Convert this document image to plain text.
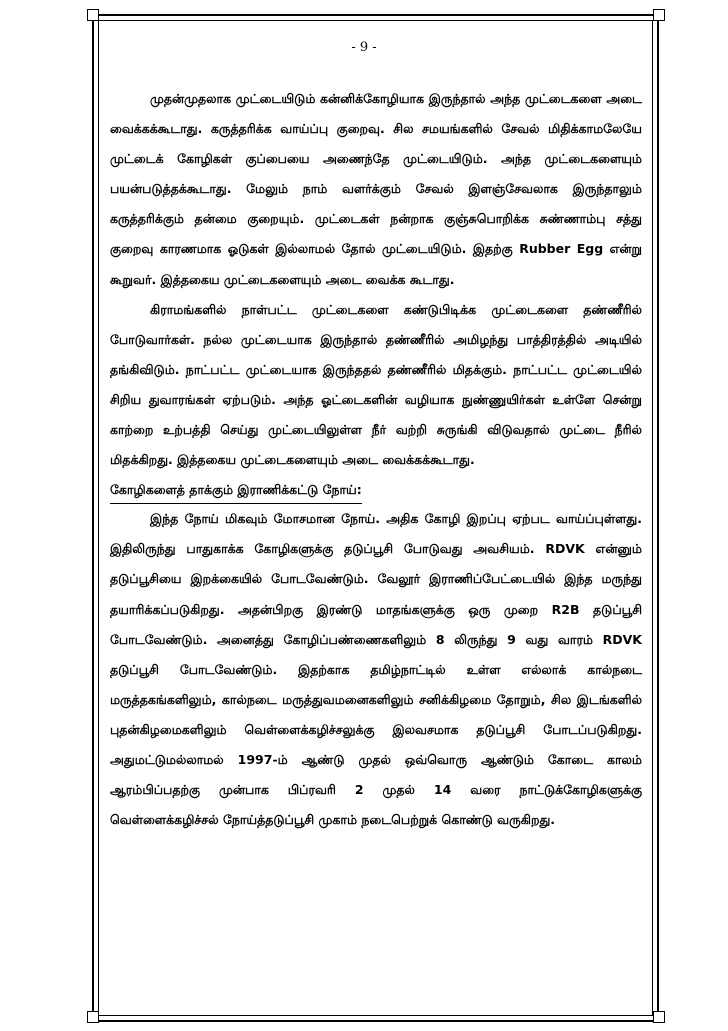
- 9 -

முதன்முதலாக முட்டையிடும் கன்னிக்கோழியாக இருந்தால் அந்த முட்டைகளை அடை வைக்கக்கூடாது. கருத்தரிக்க வாய்ப்பு குறைவு. சில சமயங்களில் சேவல் மிதிக்காமலேயே முட்டைக் கோழிகள் குப்பையை அணைந்தே முட்டையிடும். அந்த முட்டைகளையும் பயன்படுத்தக்கூடாது. மேலும் நாம் வளர்க்கும் சேவல் இளஞ்சேவலாக இருந்தாலும் கருத்தரிக்கும் தன்மை குறையும். முட்டைகள் நன்றாக குஞ்சுபொறிக்க சுண்ணாம்பு சத்து குறைவு காரணமாக ஓடுகள் இல்லாமல் தோல் முட்டையிடும். இதற்கு Rubber Egg என்று கூறுவர். இத்தகைய முட்டைகளையும் அடை வைக்க கூடாது.

கிராமங்களில் நாள்பட்ட முட்டைகளை கண்டுபிடிக்க முட்டைகளை தண்ணீரில் போடுவார்கள். நல்ல முட்டையாக இருந்தால் தண்ணீரில் அமிழந்து பாத்திரத்தில் அடியில் தங்கிவிடும். நாட்பட்ட முட்டையாக இருந்ததல் தண்ணீரில் மிதக்கும். நாட்பட்ட முட்டையில் சிறிய துவாரங்கள் ஏற்படும். அந்த ஓட்டைகளின் வழியாக நுண்ணுயிர்கள் உள்ளே சென்று காற்றை உற்பத்தி செய்து முட்டையிலுள்ள நீர் வற்றி சுருங்கி விடுவதால் முட்டை நீரில் மிதக்கிறது. இத்தகைய முட்டைகளையும் அடை வைக்கக்கூடாது.

கோழிகளைத் தாக்கும் இராணிக்கட்டு நோய்:

இந்த நோய் மிகவும் மோசமான நோய். அதிக கோழி இறப்பு ஏற்பட வாய்ப்புள்ளது. இதிலிருந்து பாதுகாக்க கோழிகளுக்கு தடுப்பூசி போடுவது அவசியம். RDVK என்னும் தடுப்பூசியை இறக்கையில் போடவேண்டும். வேலூர் இராணிப்பேட்டையில் இந்த மருந்து தயாரிக்கப்படுகிறது. அதன்பிறகு இரண்டு மாதங்களுக்கு ஒரு முறை R2B தடுப்பூசி போடவேண்டும். அனைத்து கோழிப்பண்ணைகளிலும் 8 லிருந்து 9 வது வாரம் RDVK தடுப்பூசி போடவேண்டும். இதற்காக தமிழ்நாட்டில் உள்ள எல்லாக் கால்நடை மருத்தகங்களிலும், கால்நடை மருத்துவமனைகளிலும் சனிக்கிழமை தோறும், சில இடங்களில் புதன்கிழமைகளிலும் வெள்ளைக்கழிச்சலுக்கு இலவசமாக தடுப்பூசி போடப்படுகிறது. அதுமட்டுமல்லாமல் 1997-ம் ஆண்டு முதல் ஒவ்வொரு ஆண்டும் கோடை காலம் ஆரம்பிப்பதற்கு முன்பாக பிப்ரவரி 2 முதல் 14 வரை நாட்டுக்கோழிகளுக்கு வெள்ளைக்கழிச்சல் நோய்த்தடுப்பூசி முகாம் நடைபெற்றுக் கொண்டு வருகிறது.
